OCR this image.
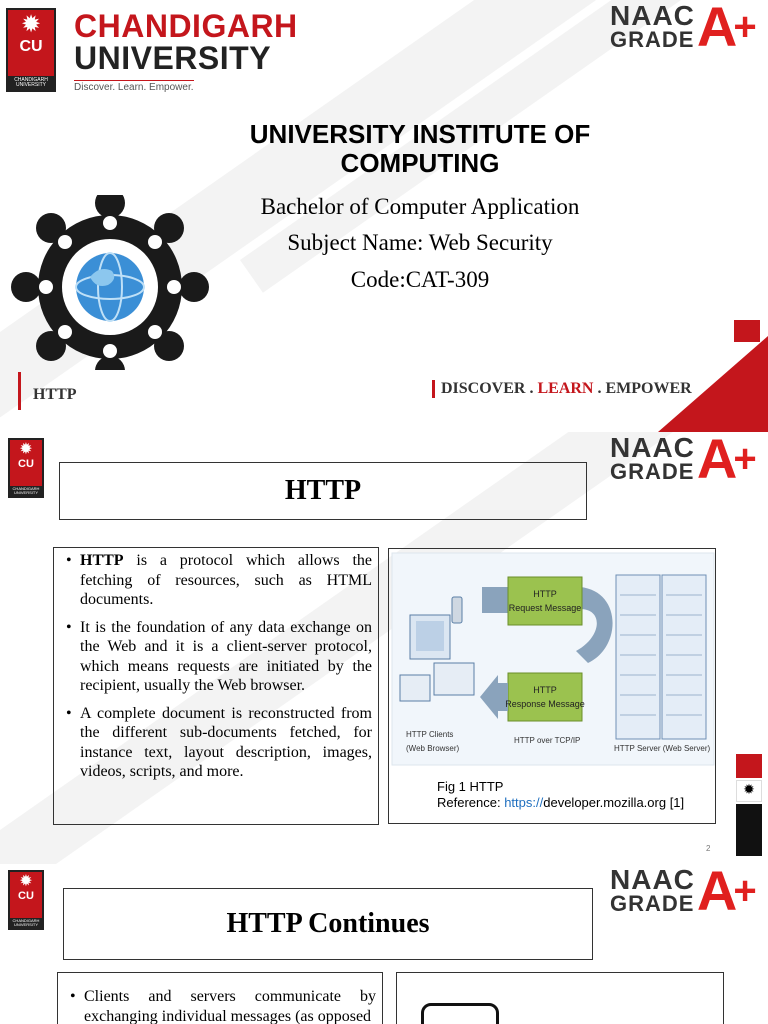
✹
CU
CHANDIGARH
UNIVERSITY
CHANDIGARH
UNIVERSITY
Discover. Learn. Empower.
NAAC
GRADE A
+
UNIVERSITY INSTITUTE OF COMPUTING
Bachelor of Computer Application
Subject Name: Web Security
Code:CAT-309
HTTP	DISCOVER . LEARN . EMPOWER
✹
CU
CHANDIGARH
UNIVERSITY
NAAC
GRADE A
+
HTTP
• HTTP is a protocol which allows the fetching of resources, such as HTML documents.
• It is the foundation of any data exchange on the Web and it is a client-server protocol, which means requests are initiated by the recipient, usually the Web browser.
• A complete document is reconstructed from the different sub-documents fetched, for instance text, layout description, images, videos, scripts, and more.
HTTP
Request Message
HTTP
Response Message
HTTP Clients
(Web Browser)
HTTP over TCP/IP
HTTP Server (Web Server)
Fig 1 HTTP
Reference: https://developer.mozilla.org [1]
2
✹
✹
CU
CHANDIGARH
UNIVERSITY
NAAC
GRADE A
+
HTTP Continues
• Clients and servers communicate by exchanging individual messages (as opposed
